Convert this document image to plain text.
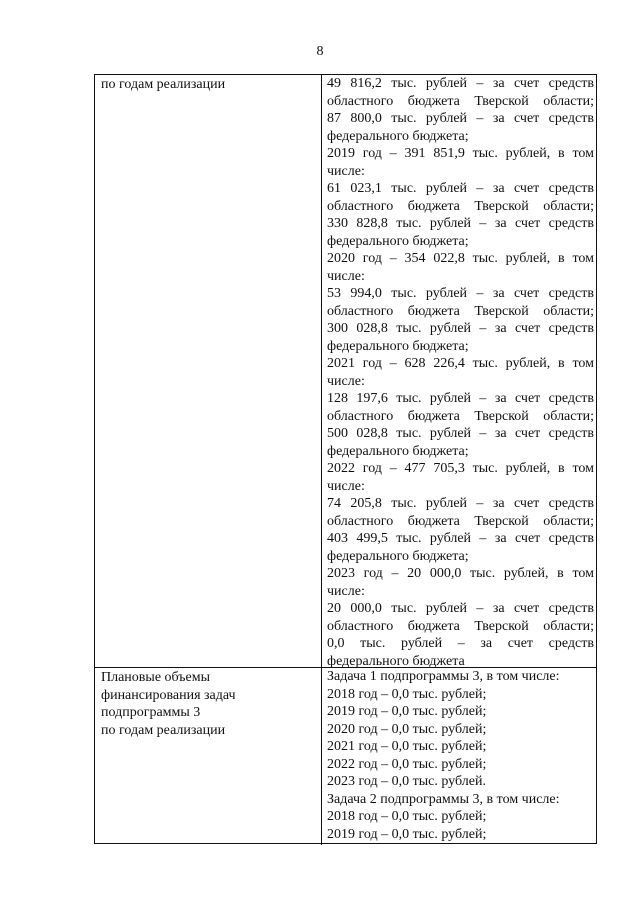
8
по годам реализации	49 816,2 тыс. рублей – за счет средств
областного бюджета Тверской области;
87 800,0 тыс. рублей – за счет средств
федерального бюджета;
2019 год – 391 851,9 тыс. рублей, в том
числе:
61 023,1 тыс. рублей – за счет средств
областного бюджета Тверской области;
330 828,8 тыс. рублей – за счет средств
федерального бюджета;
2020 год – 354 022,8 тыс. рублей, в том
числе:
53 994,0 тыс. рублей – за счет средств
областного бюджета Тверской области;
300 028,8 тыс. рублей – за счет средств
федерального бюджета;
2021 год – 628 226,4 тыс. рублей, в том
числе:
128 197,6 тыс. рублей – за счет средств
областного бюджета Тверской области;
500 028,8 тыс. рублей – за счет средств
федерального бюджета;
2022 год – 477 705,3 тыс. рублей, в том
числе:
74 205,8 тыс. рублей – за счет средств
областного бюджета Тверской области;
403 499,5 тыс. рублей – за счет средств
федерального бюджета;
2023 год – 20 000,0 тыс. рублей, в том
числе:
20 000,0 тыс. рублей – за счет средств
областного бюджета Тверской области;
0,0 тыс. рублей – за счет средств
федерального бюджета
Плановые объемы
финансирования задач
подпрограммы 3
по годам реализации
Задача 1 подпрограммы 3, в том числе:
2018 год – 0,0 тыс. рублей;
2019 год – 0,0 тыс. рублей;
2020 год – 0,0 тыс. рублей;
2021 год – 0,0 тыс. рублей;
2022 год – 0,0 тыс. рублей;
2023 год – 0,0 тыс. рублей.
Задача 2 подпрограммы 3, в том числе:
2018 год – 0,0 тыс. рублей;
2019 год – 0,0 тыс. рублей;
